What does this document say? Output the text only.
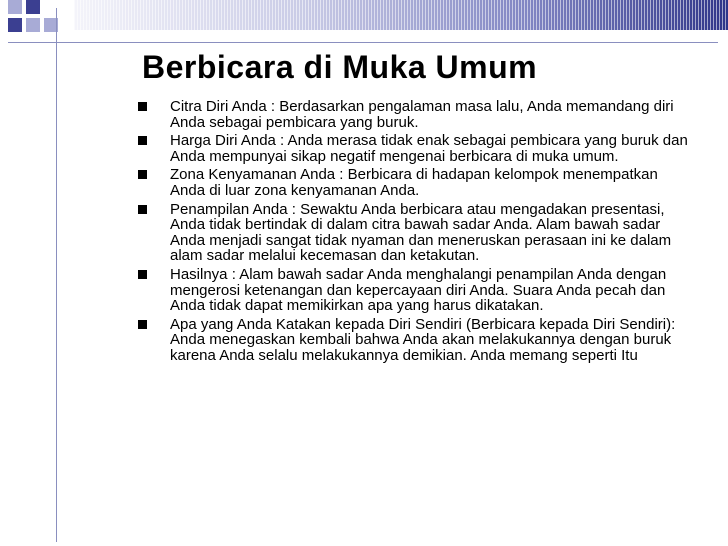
Berbicara di Muka Umum
Citra Diri Anda : Berdasarkan pengalaman masa lalu, Anda memandang diri Anda sebagai pembicara yang buruk.
Harga Diri Anda : Anda merasa tidak enak sebagai pembicara yang buruk dan Anda mempunyai sikap negatif mengenai berbicara di muka umum.
Zona Kenyamanan Anda : Berbicara di hadapan kelompok menempatkan Anda di luar zona kenyamanan Anda.
Penampilan Anda : Sewaktu Anda berbicara atau mengadakan presentasi, Anda tidak bertindak di dalam citra bawah sadar Anda. Alam bawah sadar Anda menjadi sangat tidak nyaman dan meneruskan perasaan ini ke dalam alam sadar melalui kecemasan dan ketakutan.
Hasilnya : Alam bawah sadar Anda menghalangi penampilan Anda dengan mengerosi ketenangan dan kepercayaan diri Anda. Suara Anda pecah dan Anda tidak dapat memikirkan apa yang harus dikatakan.
Apa yang Anda Katakan kepada Diri Sendiri (Berbicara kepada Diri Sendiri): Anda menegaskan kembali bahwa Anda akan melakukannya dengan buruk karena Anda selalu melakukannya demikian. Anda memang seperti Itu
